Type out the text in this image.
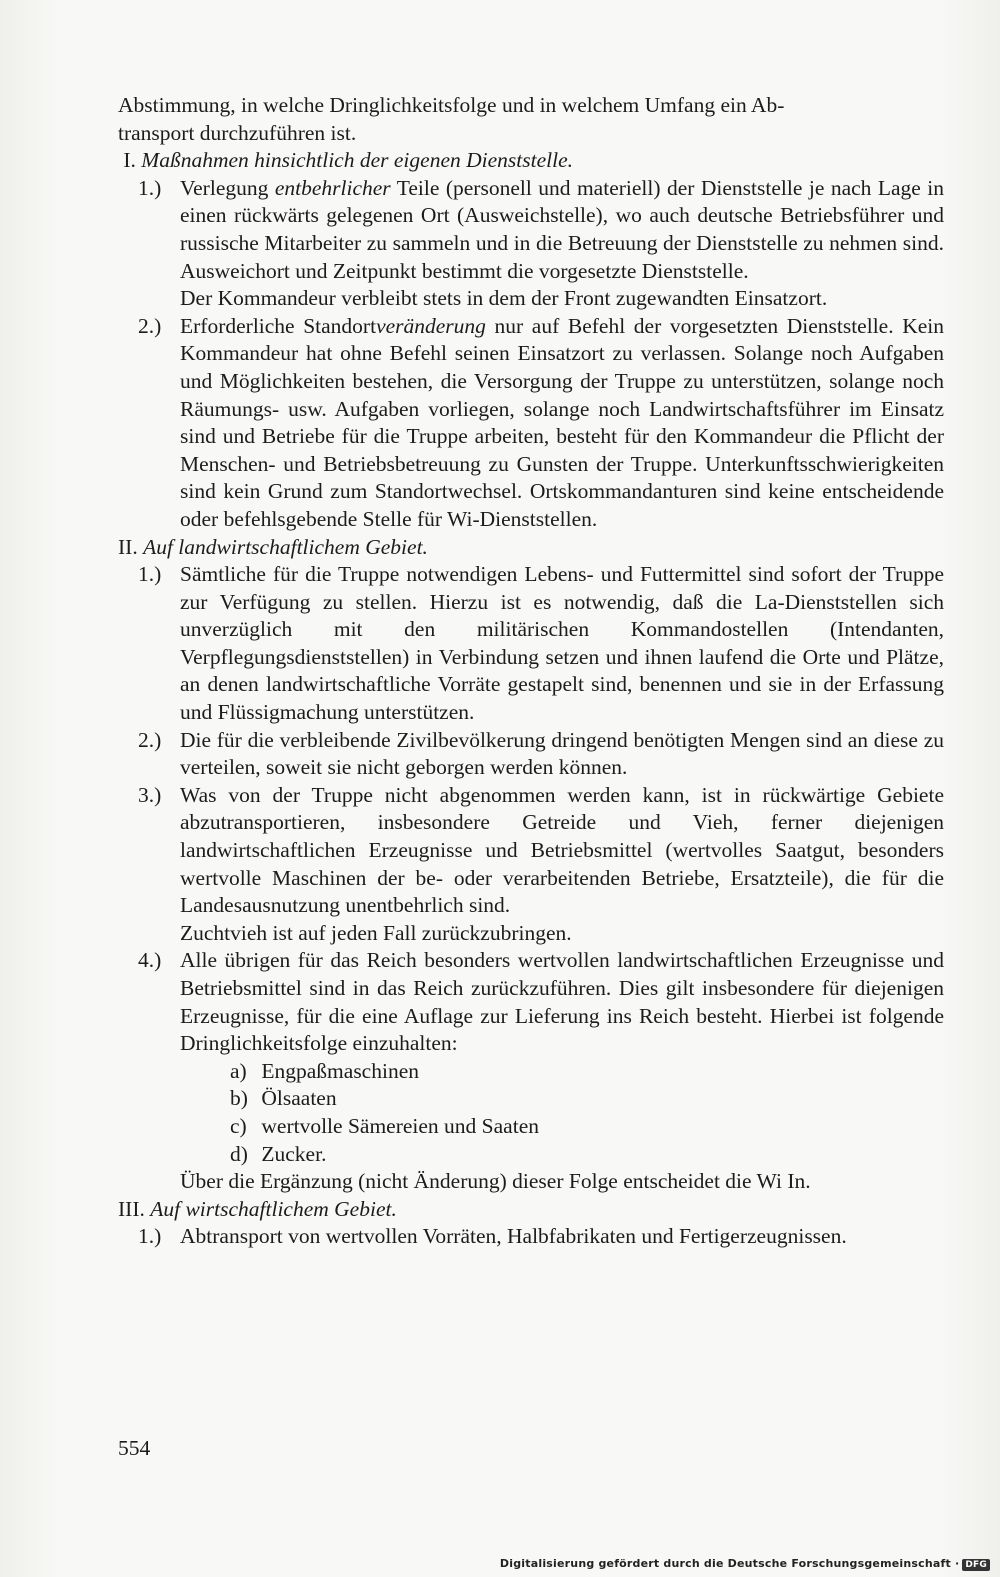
Abstimmung, in welche Dringlichkeitsfolge und in welchem Umfang ein Ab-
transport durchzuführen ist.

I. Maßnahmen hinsichtlich der eigenen Dienststelle.

1.) Verlegung entbehrlicher Teile (personell und materiell) der Dienststelle je nach Lage in einen rückwärts gelegenen Ort (Ausweichstelle), wo auch deutsche Betriebsführer und russische Mitarbeiter zu sammeln und in die Betreuung der Dienststelle zu nehmen sind. Ausweichort und Zeitpunkt bestimmt die vorgesetzte Dienststelle.
Der Kommandeur verbleibt stets in dem der Front zugewandten Einsatzort.
2.) Erforderliche Standortveränderung nur auf Befehl der vorgesetzten Dienststelle. Kein Kommandeur hat ohne Befehl seinen Einsatzort zu verlassen. Solange noch Aufgaben und Möglichkeiten bestehen, die Versorgung der Truppe zu unterstützen, solange noch Räumungs- usw. Aufgaben vorliegen, solange noch Landwirtschaftsführer im Einsatz sind und Betriebe für die Truppe arbeiten, besteht für den Kommandeur die Pflicht der Menschen- und Betriebsbetreuung zu Gunsten der Truppe. Unterkunftsschwierigkeiten sind kein Grund zum Standortwechsel. Ortskommandanturen sind keine entscheidende oder befehlsgebende Stelle für Wi-Dienststellen.

II. Auf landwirtschaftlichem Gebiet.

1.) Sämtliche für die Truppe notwendigen Lebens- und Futtermittel sind sofort der Truppe zur Verfügung zu stellen. Hierzu ist es notwendig, daß die La-Dienststellen sich unverzüglich mit den militärischen Kommandostellen (Intendanten, Verpflegungsdienststellen) in Verbindung setzen und ihnen laufend die Orte und Plätze, an denen landwirtschaftliche Vorräte gestapelt sind, benennen und sie in der Erfassung und Flüssigmachung unterstützen.
2.) Die für die verbleibende Zivilbevölkerung dringend benötigten Mengen sind an diese zu verteilen, soweit sie nicht geborgen werden können.
3.) Was von der Truppe nicht abgenommen werden kann, ist in rückwärtige Gebiete abzutransportieren, insbesondere Getreide und Vieh, ferner diejenigen landwirtschaftlichen Erzeugnisse und Betriebsmittel (wertvolles Saatgut, besonders wertvolle Maschinen der be- oder verarbeitenden Betriebe, Ersatzteile), die für die Landesausnutzung unentbehrlich sind.
Zuchtvieh ist auf jeden Fall zurückzubringen.
4.) Alle übrigen für das Reich besonders wertvollen landwirtschaftlichen Erzeugnisse und Betriebsmittel sind in das Reich zurückzuführen. Dies gilt insbesondere für diejenigen Erzeugnisse, für die eine Auflage zur Lieferung ins Reich besteht. Hierbei ist folgende Dringlichkeitsfolge einzuhalten:

a) Engpaßmaschinen

b) Ölsaaten

c) wertvolle Sämereien und Saaten

d) Zucker.

Über die Ergänzung (nicht Änderung) dieser Folge entscheidet die Wi In.

III. Auf wirtschaftlichem Gebiet.

1.) Abtransport von wertvollen Vorräten, Halbfabrikaten und Fertigerzeugnissen.
554
Digitalisierung gefördert durch die Deutsche Forschungsgemeinschaft · DFG
